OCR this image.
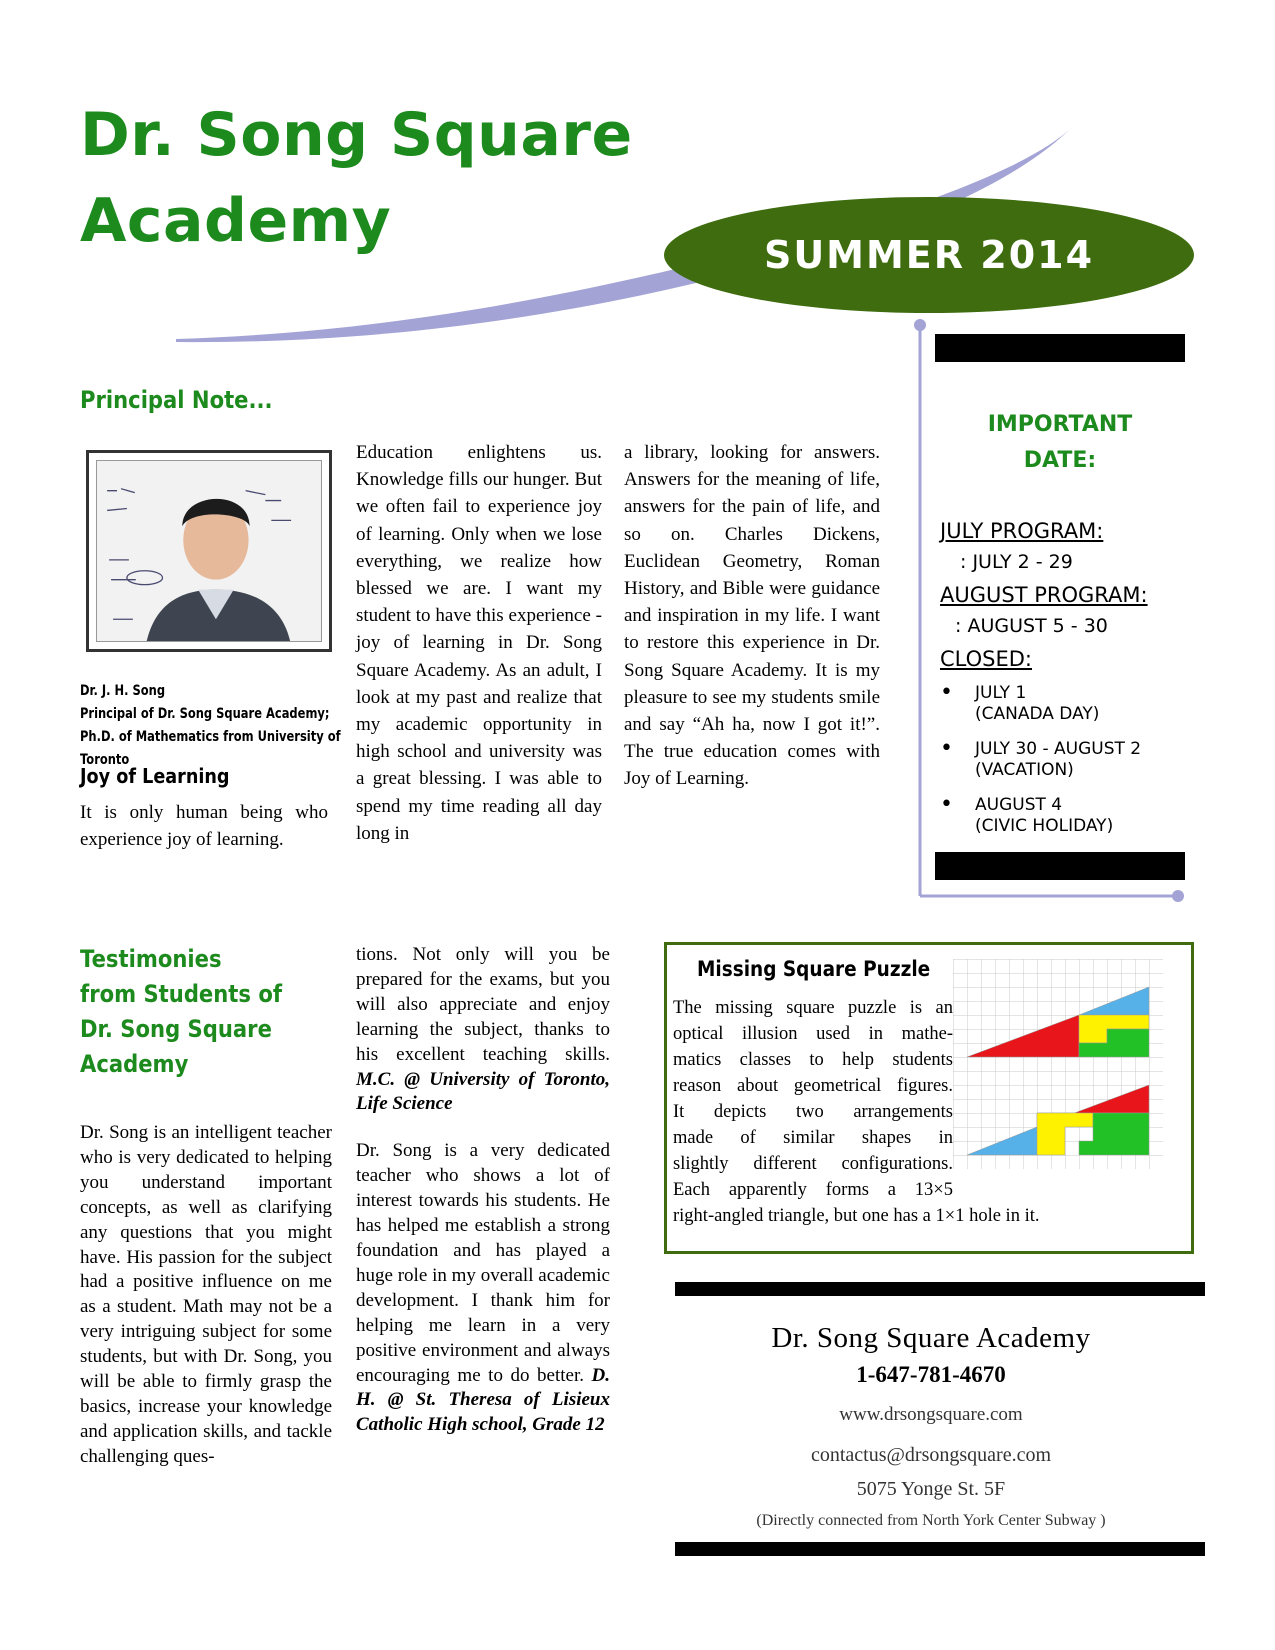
Dr. Song Square
Academy	SUMMER 2014
Principal Note...
Dr. J. H. Song
Principal of Dr. Song Square Academy; Ph.D. of Mathematics from University of Toronto
Joy of Learning
It is only human being who experience joy of learning.
Education enlightens us. Knowledge fills our hunger. But we often fail to experience joy of learning. Only when we lose everything, we realize how blessed we are. I want my student to have this experience - joy of learning in Dr. Song Square Academy. As an adult, I look at my past and realize that my academic opportunity in high school and university was a great blessing. I was able to spend my time reading all day long in
a library, looking for answers. Answers for the meaning of life, answers for the pain of life, and so on. Charles Dickens, Euclidean Geometry, Roman History, and Bible were guidance and inspiration in my life. I want to restore this experience in Dr. Song Square Academy. It is my pleasure to see my students smile and say “Ah ha, now I got it!”. The true education comes with Joy of Learning.
IMPORTANT
DATE:
JULY PROGRAM:
: JULY 2 - 29
AUGUST PROGRAM:
: AUGUST 5 - 30
CLOSED:
• JULY 1
(CANADA DAY)
• JULY 30 - AUGUST 2
(VACATION)
• AUGUST 4
(CIVIC HOLIDAY)
Testimonies
from Students of
Dr. Song Square
Academy
Dr. Song is an intelligent teacher who is very dedicated to helping you understand important concepts, as well as clarifying any questions that you might have. His passion for the subject had a positive influence on me as a student. Math may not be a very intriguing subject for some students, but with Dr. Song, you will be able to firmly grasp the basics, increase your knowledge and application skills, and tackle challenging ques-
tions. Not only will you be prepared for the exams, but you will also appreciate and enjoy learning the subject, thanks to his excellent teaching skills. M.C. @ University of Toronto, Life Science
Dr. Song is a very dedicated teacher who shows a lot of interest towards his students. He has helped me establish a strong foundation and has played a huge role in my overall academic development. I thank him for helping me learn in a very positive environment and always encouraging me to do better. D. H. @ St. Theresa of Lisieux Catholic High school, Grade 12
Missing Square Puzzle
The missing square puzzle is an
optical illusion used in mathe-
matics classes to help students
reason about geometrical figures.
It depicts two arrangements
made of similar shapes in
slightly different configurations.
Each apparently forms a 13×5
right-angled triangle, but one has a 1×1 hole in it.
Dr. Song Square Academy
1-647-781-4670
www.drsongsquare.com
contactus@drsongsquare.com
5075 Yonge St. 5F
(Directly connected from North York Center Subway )
